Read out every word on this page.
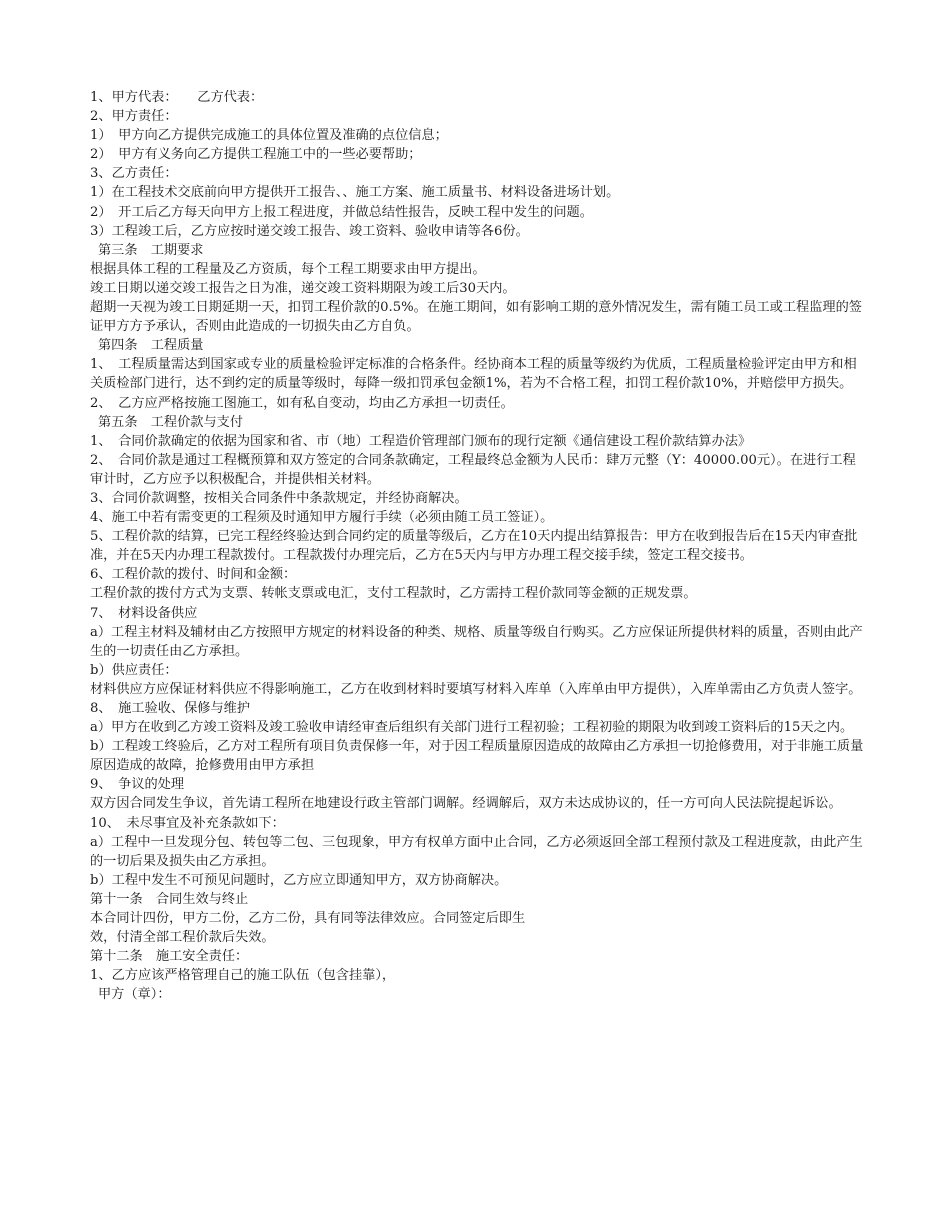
1、甲方代表：　　乙方代表：
2、甲方责任：
1）　甲方向乙方提供完成施工的具体位置及准确的点位信息；
2）　甲方有义务向乙方提供工程施工中的一些必要帮助；
3、乙方责任：
1）在工程技术交底前向甲方提供开工报告、、施工方案、施工质量书、材料设备进场计划。
2）　开工后乙方每天向甲方上报工程进度，并做总结性报告，反映工程中发生的问题。
3）工程竣工后，乙方应按时递交竣工报告、竣工资料、验收申请等各6份。
第三条　工期要求
根据具体工程的工程量及乙方资质，每个工程工期要求由甲方提出。
竣工日期以递交竣工报告之日为准，递交竣工资料期限为竣工后30天内。
超期一天视为竣工日期延期一天，扣罚工程价款的0.5%。在施工期间，如有影响工期的意外情况发生，需有随工员工或工程监理的签证甲方方予承认，否则由此造成的一切损失由乙方自负。
第四条　工程质量
1、　工程质量需达到国家或专业的质量检验评定标准的合格条件。经协商本工程的质量等级约为优质，工程质量检验评定由甲方和相关质检部门进行，达不到约定的质量等级时，每降一级扣罚承包金额1%，若为不合格工程，扣罚工程价款10%，并赔偿甲方损失。
2、　乙方应严格按施工图施工，如有私自变动，均由乙方承担一切责任。
第五条　工程价款与支付
1、　合同价款确定的依据为国家和省、市（地）工程造价管理部门颁布的现行定额《通信建设工程价款结算办法》
2、　合同价款是通过工程概预算和双方签定的合同条款确定，工程最终总金额为人民币：肆万元整（Y：40000.00元）。在进行工程审计时，乙方应予以积极配合，并提供相关材料。
3、合同价款调整，按相关合同条件中条款规定，并经协商解决。
4、施工中若有需变更的工程须及时通知甲方履行手续（必须由随工员工签证）。
5、工程价款的结算，已完工程经终验达到合同约定的质量等级后，乙方在10天内提出结算报告：甲方在收到报告后在15天内审查批准，并在5天内办理工程款拨付。工程款拨付办理完后，乙方在5天内与甲方办理工程交接手续，签定工程交接书。
6、工程价款的拨付、时间和金额：
工程价款的拨付方式为支票、转帐支票或电汇，支付工程款时，乙方需持工程价款同等金额的正规发票。
7、　材料设备供应
a）工程主材料及辅材由乙方按照甲方规定的材料设备的种类、规格、质量等级自行购买。乙方应保证所提供材料的质量，否则由此产生的一切责任由乙方承担。
b）供应责任：
材料供应方应保证材料供应不得影响施工，乙方在收到材料时要填写材料入库单（入库单由甲方提供），入库单需由乙方负责人签字。
8、　施工验收、保修与维护
a）甲方在收到乙方竣工资料及竣工验收申请经审查后组织有关部门进行工程初验；工程初验的期限为收到竣工资料后的15天之内。
b）工程竣工终验后，乙方对工程所有项目负责保修一年，对于因工程质量原因造成的故障由乙方承担一切抢修费用，对于非施工质量原因造成的故障，抢修费用由甲方承担
9、　争议的处理
双方因合同发生争议，首先请工程所在地建设行政主管部门调解。经调解后，双方未达成协议的，任一方可向人民法院提起诉讼。
10、　未尽事宜及补充条款如下：
a）工程中一旦发现分包、转包等二包、三包现象，甲方有权单方面中止合同，乙方必须返回全部工程预付款及工程进度款，由此产生的一切后果及损失由乙方承担。
b）工程中发生不可预见问题时，乙方应立即通知甲方，双方协商解决。
第十一条　合同生效与终止
本合同计四份，甲方二份，乙方二份，具有同等法律效应。合同签定后即生
效，付清全部工程价款后失效。
第十二条　施工安全责任：
1、乙方应该严格管理自己的施工队伍（包含挂靠），
甲方（章）：
